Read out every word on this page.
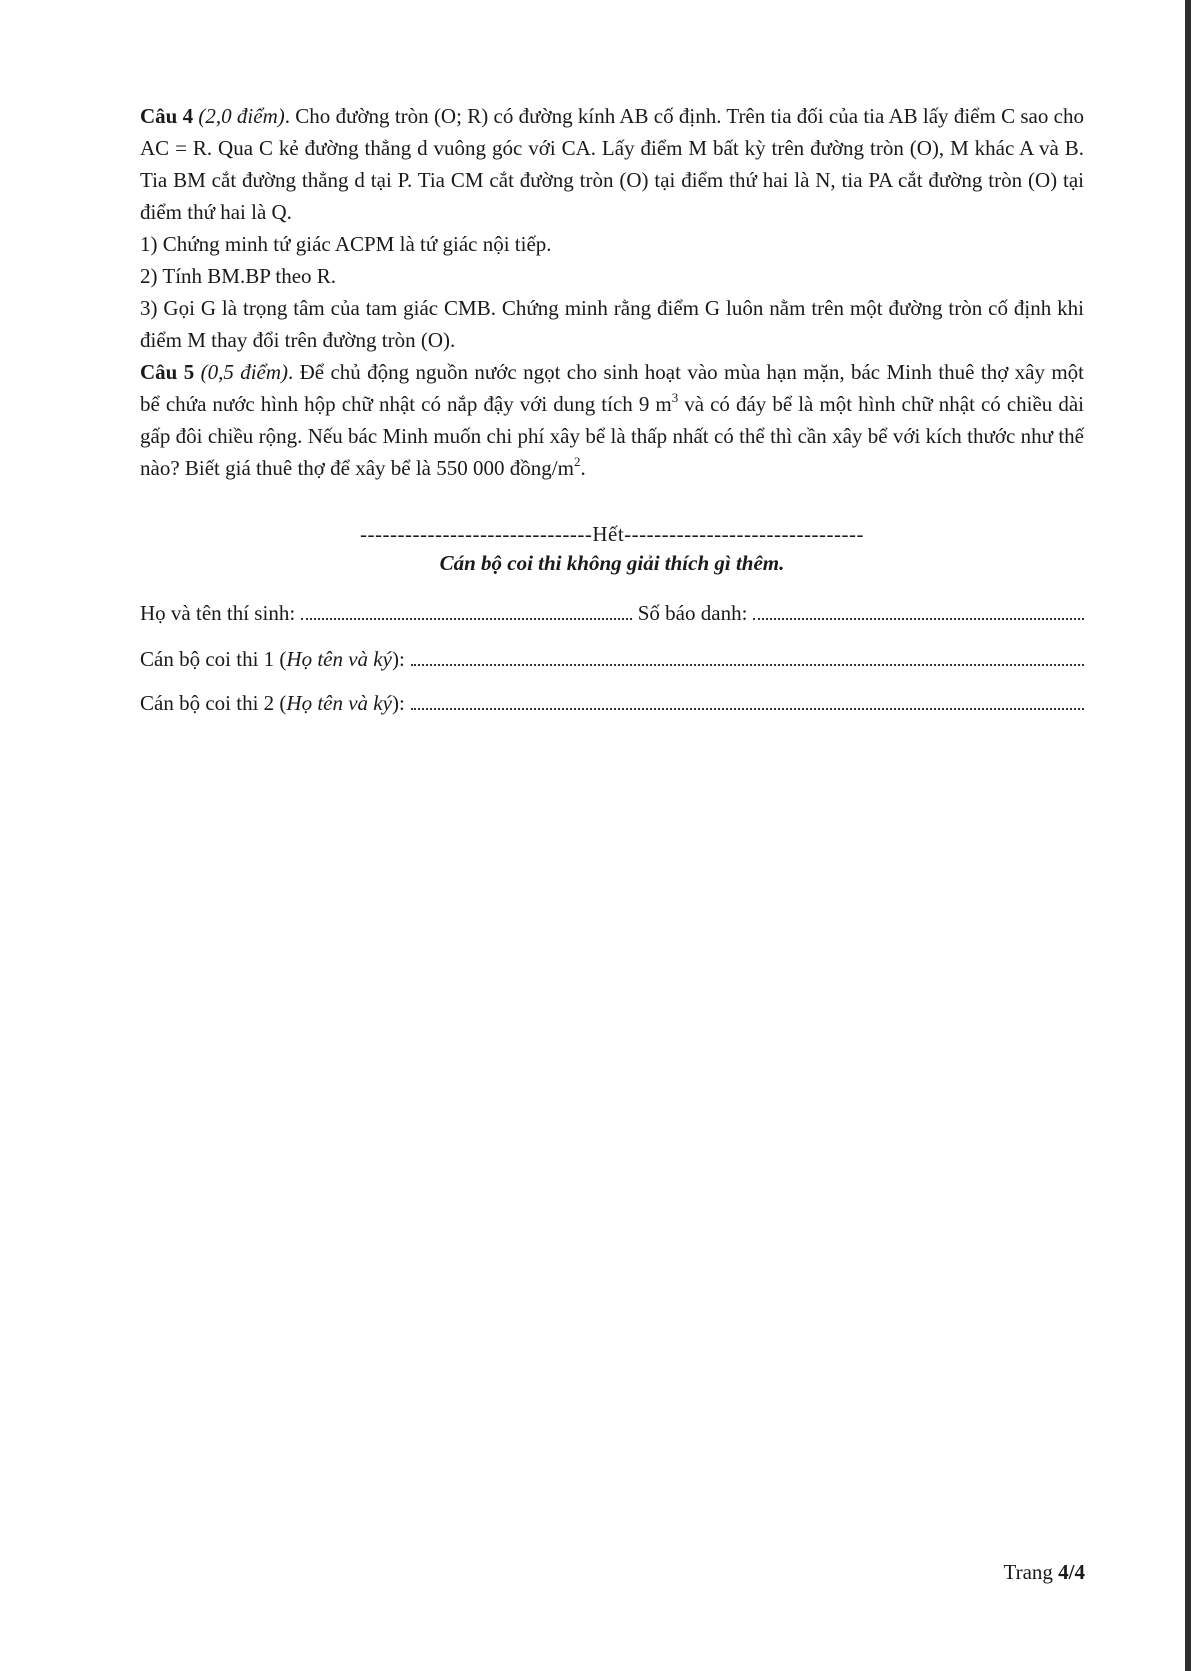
Câu 4 (2,0 điểm). Cho đường tròn (O; R) có đường kính AB cố định. Trên tia đối của tia AB lấy điểm C sao cho AC = R. Qua C kẻ đường thẳng d vuông góc với CA. Lấy điểm M bất kỳ trên đường tròn (O), M khác A và B. Tia BM cắt đường thẳng d tại P. Tia CM cắt đường tròn (O) tại điểm thứ hai là N, tia PA cắt đường tròn (O) tại điểm thứ hai là Q.

1) Chứng minh tứ giác ACPM là tứ giác nội tiếp.

2) Tính BM.BP theo R.

3) Gọi G là trọng tâm của tam giác CMB. Chứng minh rằng điểm G luôn nằm trên một đường tròn cố định khi điểm M thay đổi trên đường tròn (O).

Câu 5 (0,5 điểm). Để chủ động nguồn nước ngọt cho sinh hoạt vào mùa hạn mặn, bác Minh thuê thợ xây một bể chứa nước hình hộp chữ nhật có nắp đậy với dung tích 9 $m^3$ và có đáy bể là một hình chữ nhật có chiều dài gấp đôi chiều rộng. Nếu bác Minh muốn chi phí xây bể là thấp nhất có thể thì cần xây bể với kích thước như thế nào? Biết giá thuê thợ để xây bể là 550 000 đồng/$m^2$.

-------------------------------Hết--------------------------------
Cán bộ coi thi không giải thích gì thêm.
Họ và tên thí sinh:	Số báo danh:
Cán bộ coi thi 1 (Họ tên và ký):
Cán bộ coi thi 2 (Họ tên và ký):
Trang 4/4
